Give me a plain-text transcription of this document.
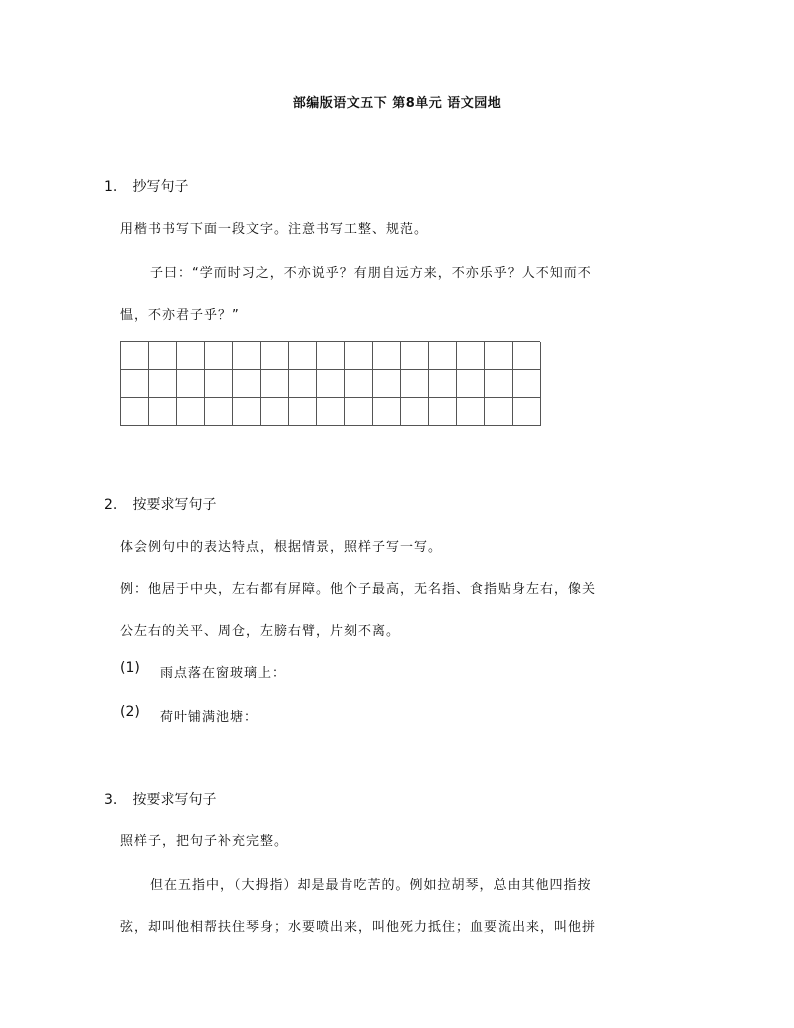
部编版语文五下 第8单元 语文园地
1. 抄写句子
用楷书书写下面一段文字。注意书写工整、规范。
子曰：“学而时习之，不亦说乎？有朋自远方来，不亦乐乎？人不知而不
愠，不亦君子乎？”
2. 按要求写句子
体会例句中的表达特点，根据情景，照样子写一写。
例：他居于中央，左右都有屏障。他个子最高，无名指、食指贴身左右，像关
公左右的关平、周仓，左膀右臂，片刻不离。
(1) 雨点落在窗玻璃上：
(2) 荷叶铺满池塘：
3. 按要求写句子
照样子，把句子补充完整。
但在五指中，（大拇指）却是最肯吃苦的。例如拉胡琴，总由其他四指按
弦，却叫他相帮扶住琴身；水要喷出来，叫他死力抵住；血要流出来，叫他拼
